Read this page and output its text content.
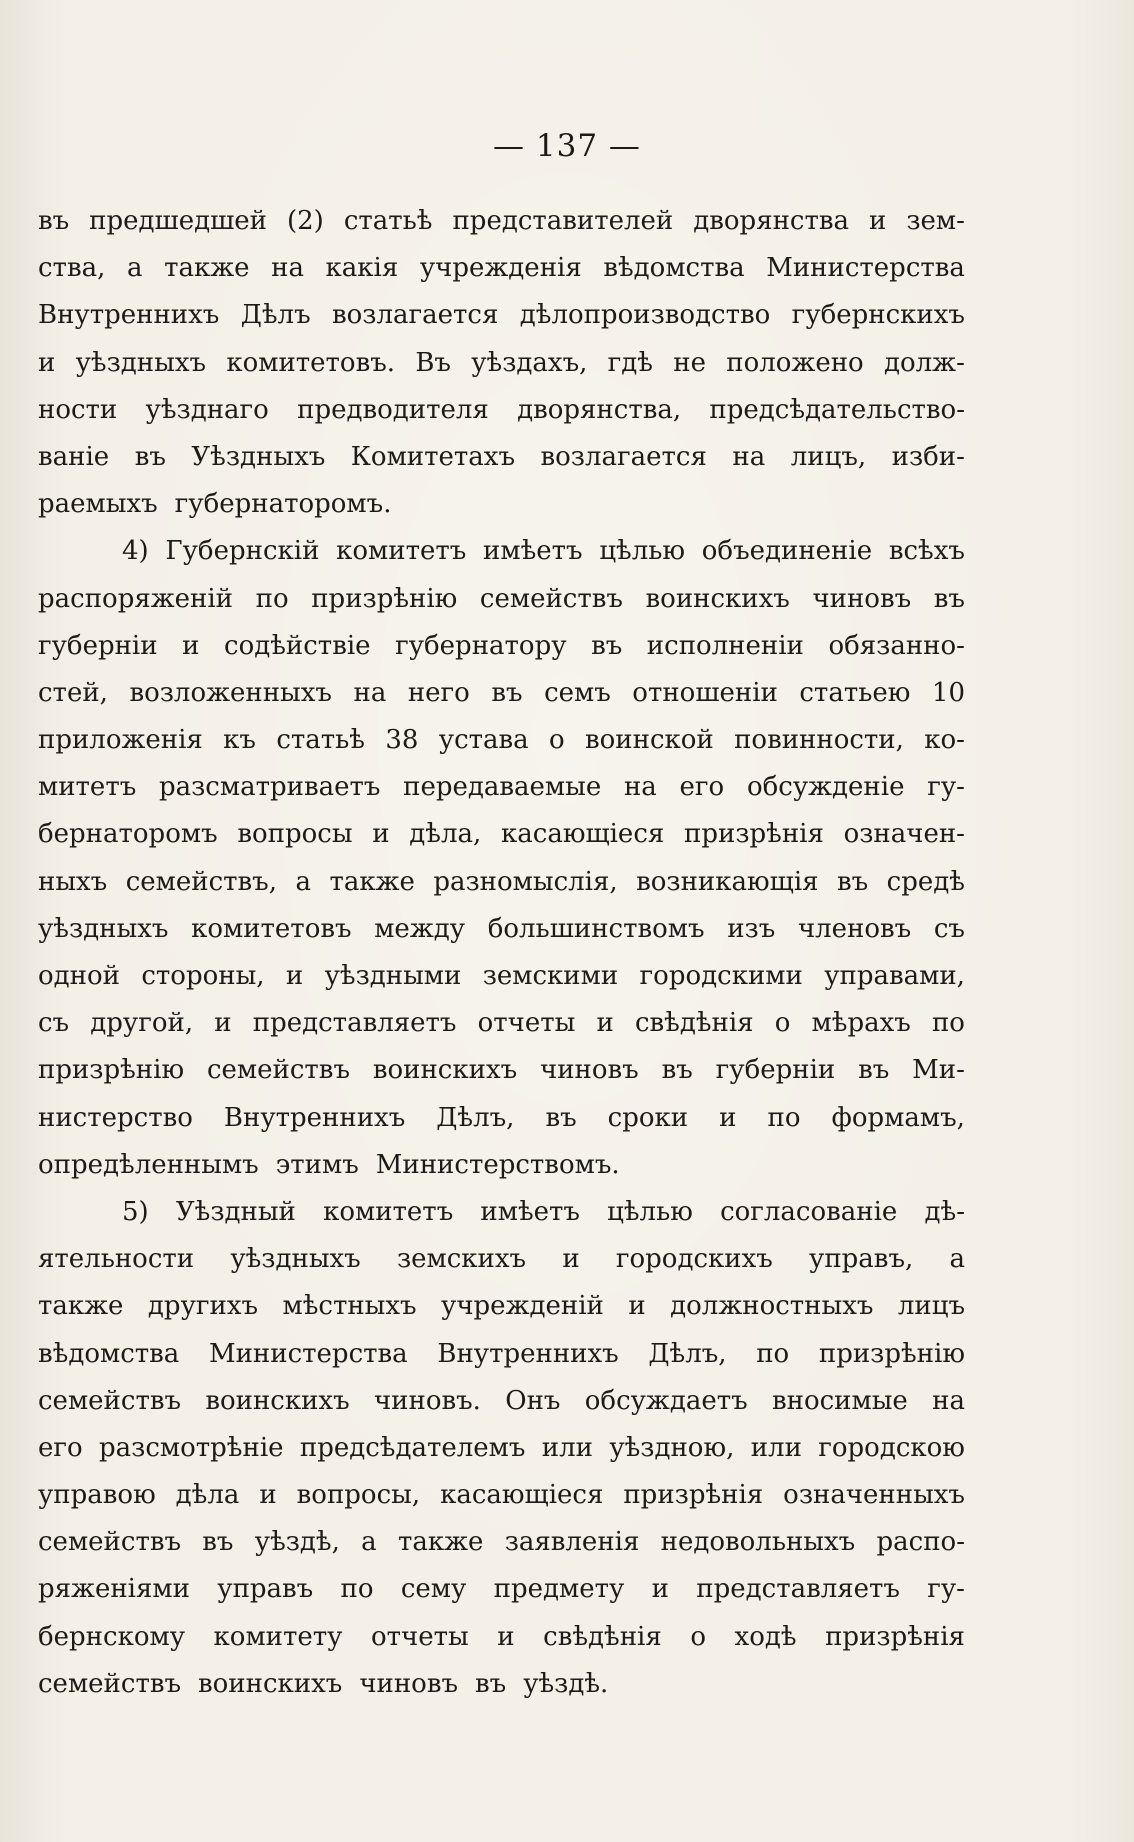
— 137 —
въ предшедшей (2) статьѣ представителей дворянства и зем-
ства, а также на какія учрежденія вѣдомства Министерства
Внутреннихъ Дѣлъ возлагается дѣлопроизводство губернскихъ
и уѣздныхъ комитетовъ. Въ уѣздахъ, гдѣ не положено долж-
ности уѣзднаго предводителя дворянства, предсѣдательство-
ваніе въ Уѣздныхъ Комитетахъ возлагается на лицъ, изби-
раемыхъ губернаторомъ.
4) Губернскій комитетъ имѣетъ цѣлью объединеніе всѣхъ
распоряженій по призрѣнію семействъ воинскихъ чиновъ въ
губерніи и содѣйствіе губернатору въ исполненіи обязанно-
стей, возложенныхъ на него въ семъ отношеніи статьею 10
приложенія къ статьѣ 38 устава о воинской повинности, ко-
митетъ разсматриваетъ передаваемые на его обсужденіе гу-
бернаторомъ вопросы и дѣла, касающіеся призрѣнія означен-
ныхъ семействъ, а также разномыслія, возникающія въ средѣ
уѣздныхъ комитетовъ между большинствомъ изъ членовъ съ
одной стороны, и уѣздными земскими городскими управами,
съ другой, и представляетъ отчеты и свѣдѣнія о мѣрахъ по
призрѣнію семействъ воинскихъ чиновъ въ губерніи въ Ми-
нистерство Внутреннихъ Дѣлъ, въ сроки и по формамъ,
опредѣленнымъ этимъ Министерствомъ.
5) Уѣздный комитетъ имѣетъ цѣлью согласованіе дѣ-
ятельности уѣздныхъ земскихъ и городскихъ управъ, а
также другихъ мѣстныхъ учрежденій и должностныхъ лицъ
вѣдомства Министерства Внутреннихъ Дѣлъ, по призрѣнію
семействъ воинскихъ чиновъ. Онъ обсуждаетъ вносимые на
его разсмотрѣніе предсѣдателемъ или уѣздною, или городскою
управою дѣла и вопросы, касающіеся призрѣнія означенныхъ
семействъ въ уѣздѣ, а также заявленія недовольныхъ распо-
ряженіями управъ по сему предмету и представляетъ гу-
бернскому комитету отчеты и свѣдѣнія о ходѣ призрѣнія
семействъ воинскихъ чиновъ въ уѣздѣ.
